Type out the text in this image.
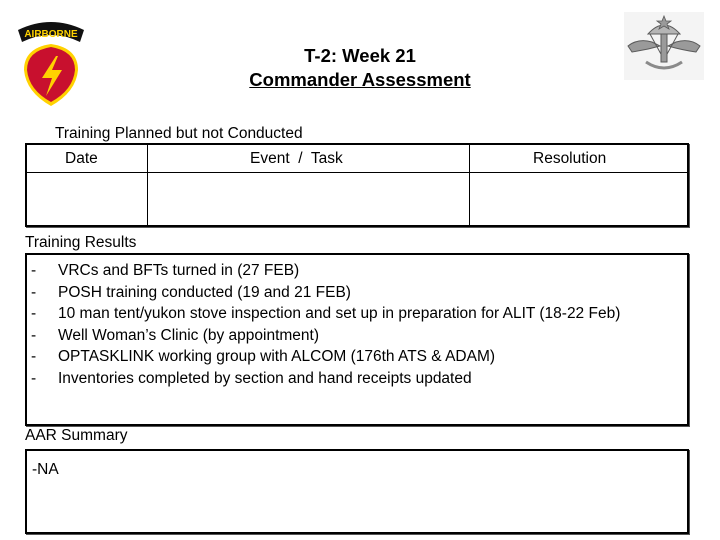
AIRBORNE
T-2: Week 21
Commander Assessment
Training Planned but not Conducted
Date	Event  /  Task	Resolution
Training Results
- VRCs and BFTs turned in (27 FEB)
- POSH training conducted (19 and 21 FEB)
- 10 man tent/yukon stove inspection and set up in preparation for ALIT (18-22 Feb)
- Well Woman’s Clinic (by appointment)
- OPTASKLINK working group with ALCOM (176th ATS & ADAM)
- Inventories completed by section and hand receipts updated
AAR Summary
-NA
